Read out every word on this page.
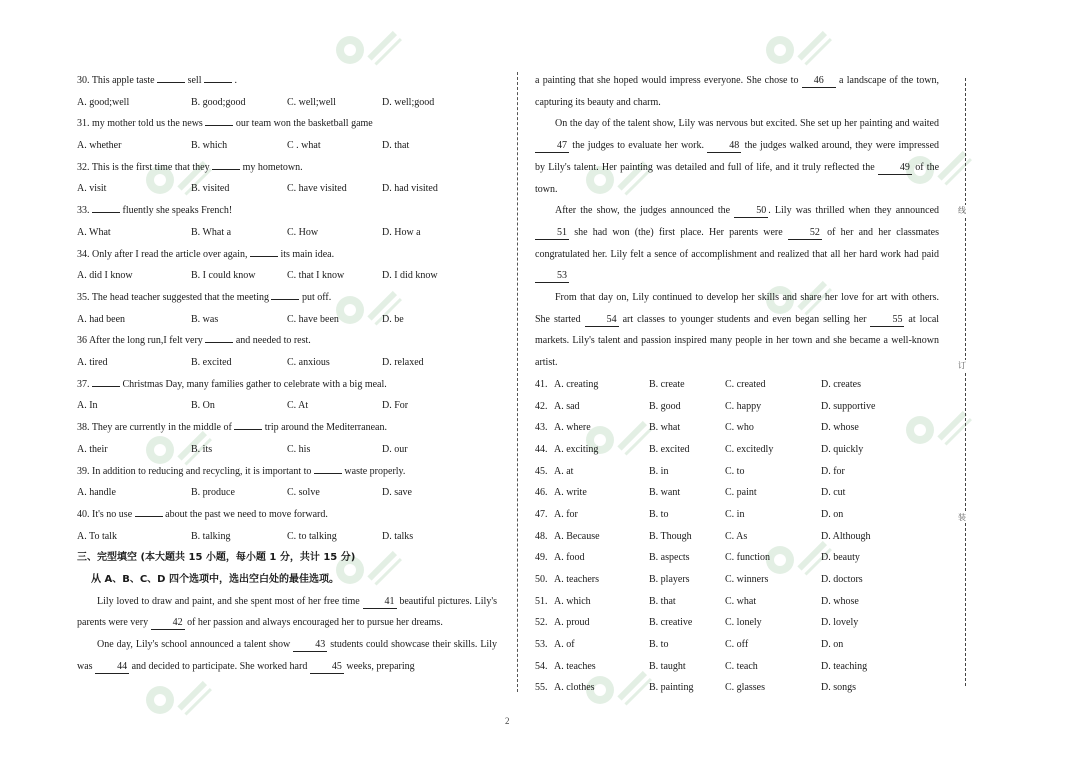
30. This apple taste	sell	.
A. good;well	B. good;good	C. well;well	D. well;good
31. my mother told us the news	our team won the basketball game
A. whether	B. which	C . what	D. that
32. This is the first time that they	my hometown.
A. visit	B. visited	C. have visited	D. had visited
33.	fluently she speaks French!
A. What	B. What a	C. How	D. How a
34. Only after I read the article over again,	its main idea.
A. did I know	B. I could know	C. that I know	D. I did know
35. The head teacher suggested that the meeting	put off.
A. had been	B. was	C. have been	D. be
36 After the long run,I felt very	and needed to rest.
A. tired	B. excited	C. anxious	D. relaxed
37.	Christmas Day, many families gather to celebrate with a big meal.
A. In	B. On	C. At	D. For
38. They are currently in the middle of	trip around the Mediterranean.
A. their	B. its	C. his	D. our
39. In addition to reducing and recycling, it is important to	waste properly.
A. handle	B. produce	C. solve	D. save
40. It's no use	about the past we need to move forward.
A. To talk	B. talking	C. to talking	D. talks
三、完型填空 (本大题共 15 小题，每小题 1 分，共计 15 分)
从 A、B、C、D 四个选项中，选出空白处的最佳选项。
Lily loved to draw and paint, and she spent most of her free time 41 beautiful pictures. Lily's parents were very 42 of her passion and always encouraged her to pursue her dreams.
One day, Lily's school announced a talent show 43 students could showcase their skills. Lily was 44 and decided to participate. She worked hard 45 weeks, preparing
a painting that she hoped would impress everyone. She chose to 46 a landscape of the town, capturing its beauty and charm.
On the day of the talent show, Lily was nervous but excited. She set up her painting and waited 47 the judges to evaluate her work.	48 the judges walked around, they were impressed by Lily's talent. Her painting was detailed and full of life, and it truly reflected the	49 of the town.
After the show, the judges announced the	50 . Lily was thrilled when they announced 51 she had won (the) first place. Her parents were	52 of her and her classmates congratulated her. Lily felt a sence of accomplishment and realized that all her hard work had paid 53
From that day on, Lily continued to develop her skills and share her love for art with others. She started	54 art classes to younger students and even began selling her	55 at local markets. Lily's talent and passion inspired many people in her town and she became a well-known artist.
41. A. creating	B. create	C. created	D. creates
42. A. sad	B. good	C. happy	D. supportive
43. A. where	B. what	C. who	D. whose
44. A. exciting	B. excited	C. excitedly	D. quickly
45. A. at	B. in	C. to	D. for
46. A. write	B. want	C. paint	D. cut
47. A. for	B. to	C. in	D. on
48. A. Because	B. Though	C. As	D. Although
49. A. food	B. aspects	C. function	D. beauty
50. A. teachers	B. players	C. winners	D. doctors
51. A. which	B. that	C. what	D. whose
52. A. proud	B. creative	C. lonely	D. lovely
53. A. of	B. to	C. off	D. on
54. A. teaches	B. taught	C. teach	D. teaching
55. A. clothes	B. painting	C. glasses	D. songs
线
订
装
2
